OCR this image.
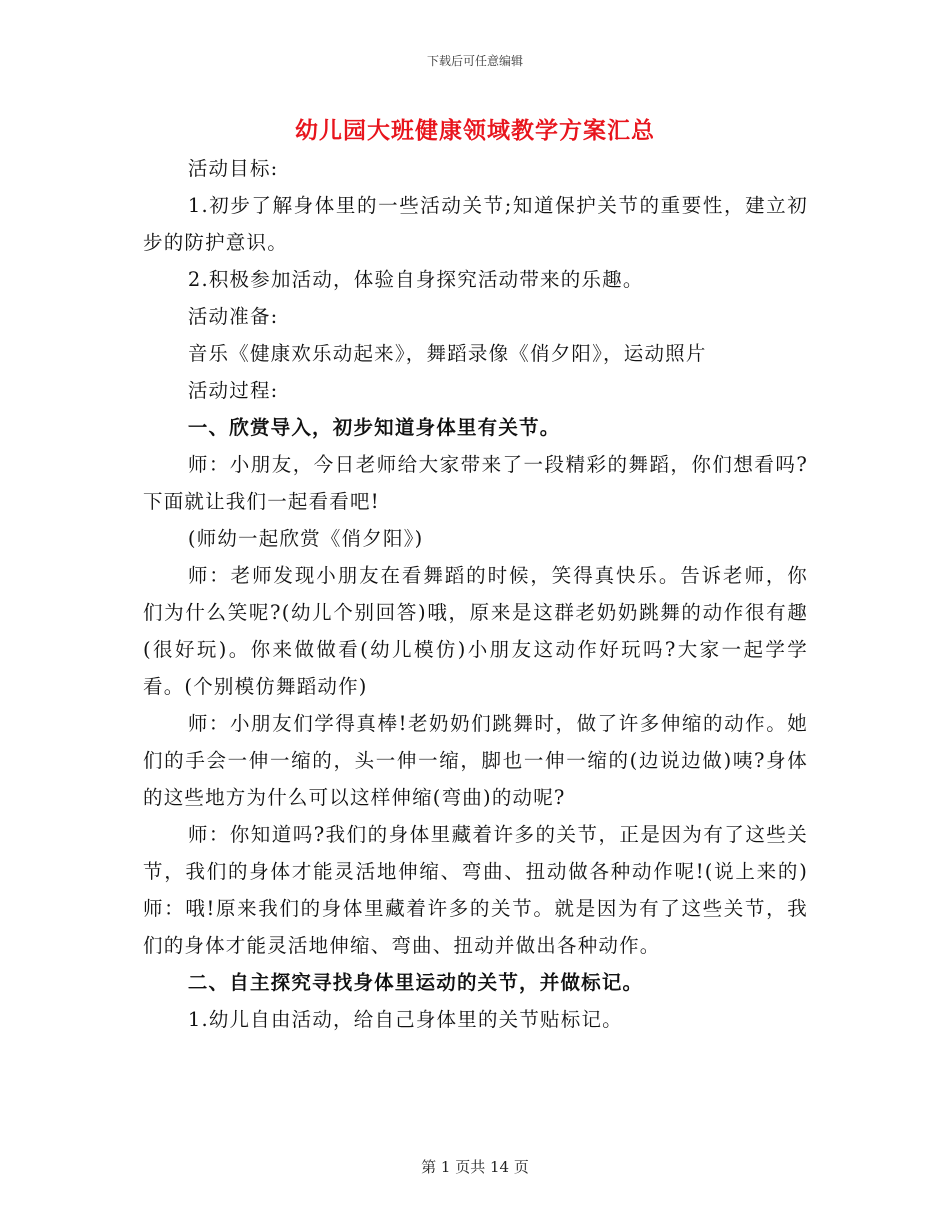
下载后可任意编辑
幼儿园大班健康领域教学方案汇总

活动目标:

1.初步了解身体里的一些活动关节;知道保护关节的重要性，建立初步的防护意识。

2.积极参加活动，体验自身探究活动带来的乐趣。

活动准备:

音乐《健康欢乐动起来》，舞蹈录像《俏夕阳》，运动照片

活动过程:

一、欣赏导入，初步知道身体里有关节。

师：小朋友，今日老师给大家带来了一段精彩的舞蹈，你们想看吗?下面就让我们一起看看吧!

(师幼一起欣赏《俏夕阳》)

师：老师发现小朋友在看舞蹈的时候，笑得真快乐。告诉老师，你们为什么笑呢?(幼儿个别回答)哦，原来是这群老奶奶跳舞的动作很有趣(很好玩)。你来做做看(幼儿模仿)小朋友这动作好玩吗?大家一起学学看。(个别模仿舞蹈动作)

师：小朋友们学得真棒!老奶奶们跳舞时，做了许多伸缩的动作。她们的手会一伸一缩的，头一伸一缩，脚也一伸一缩的(边说边做)咦?身体的这些地方为什么可以这样伸缩(弯曲)的动呢?

师：你知道吗?我们的身体里藏着许多的关节，正是因为有了这些关节，我们的身体才能灵活地伸缩、弯曲、扭动做各种动作呢!(说上来的)师：哦!原来我们的身体里藏着许多的关节。就是因为有了这些关节，我们的身体才能灵活地伸缩、弯曲、扭动并做出各种动作。

二、自主探究寻找身体里运动的关节，并做标记。

1.幼儿自由活动，给自己身体里的关节贴标记。

第 1 页共 14 页
